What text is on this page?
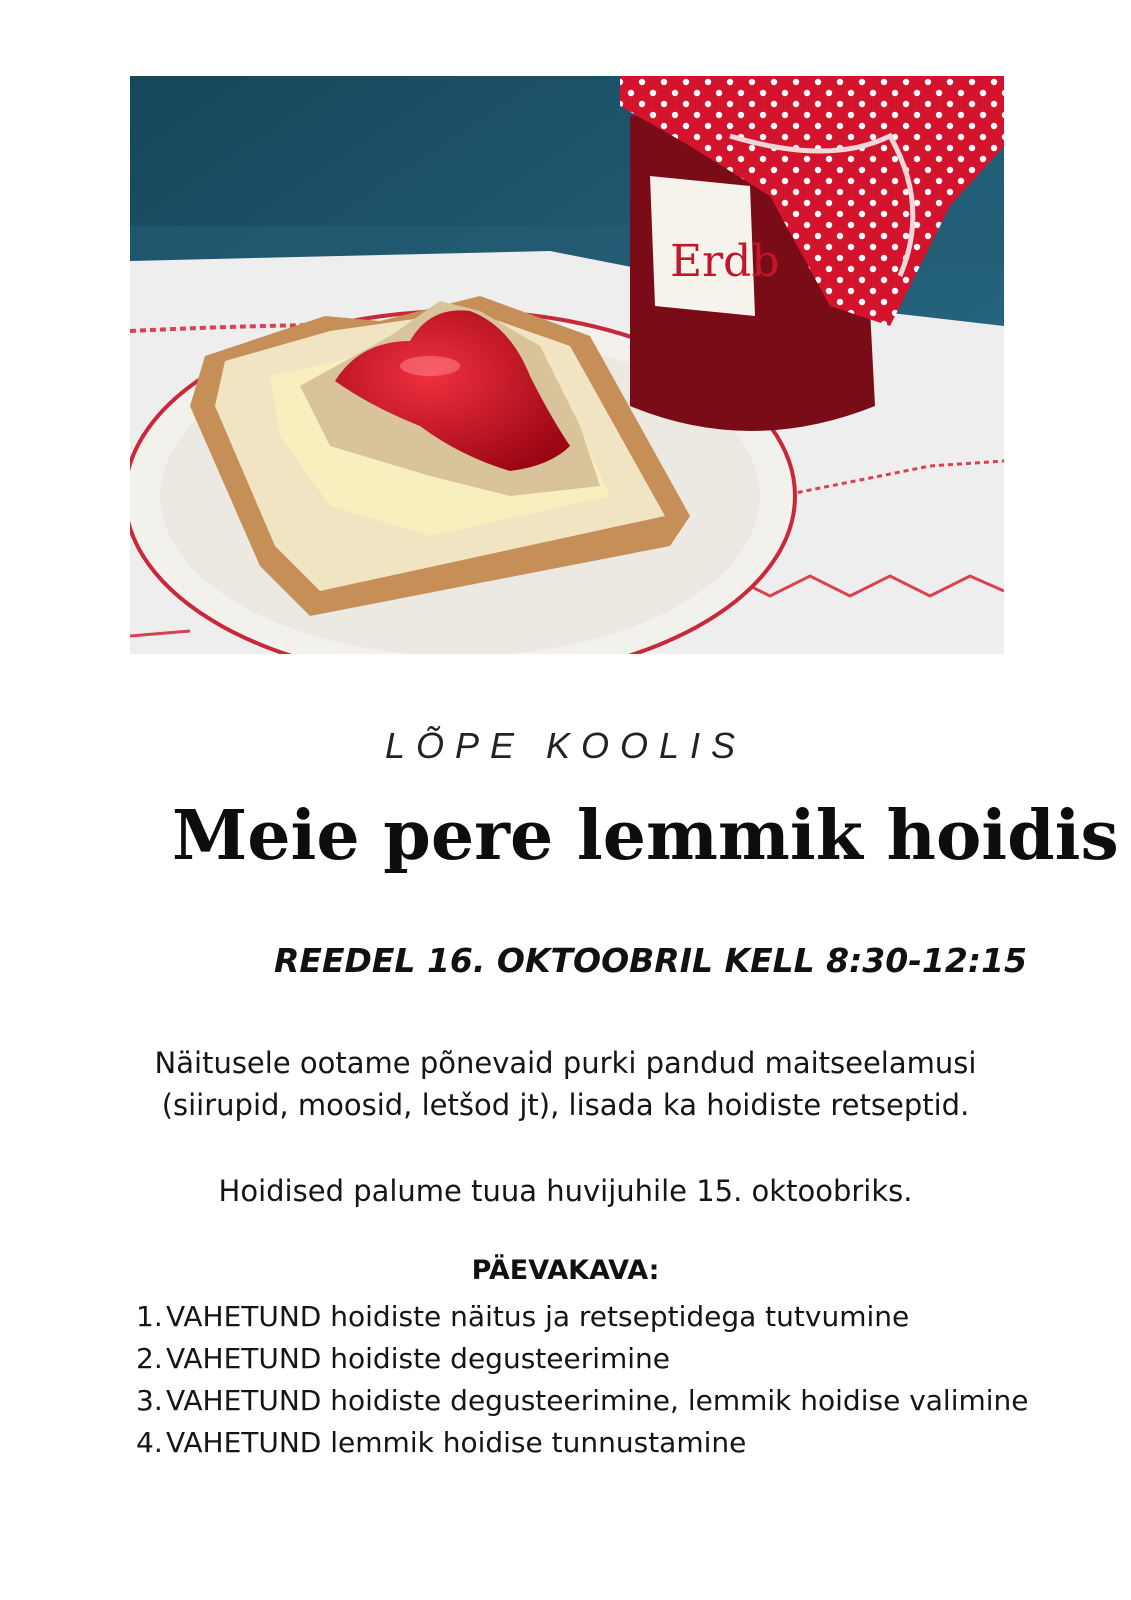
Erdb
LÕPE KOOLIS
Meie pere lemmik hoidis
REEDEL 16. OKTOOBRIL KELL 8:30-12:15
Näitusele ootame põnevaid purki pandud maitseelamusi
(siirupid, moosid, letšod jt), lisada ka hoidiste retseptid.
Hoidised palume tuua huvijuhile 15. oktoobriks.
PÄEVAKAVA:
1. VAHETUND hoidiste näitus ja retseptidega tutvumine
2. VAHETUND hoidiste degusteerimine
3. VAHETUND hoidiste degusteerimine, lemmik hoidise valimine
4. VAHETUND lemmik hoidise tunnustamine
